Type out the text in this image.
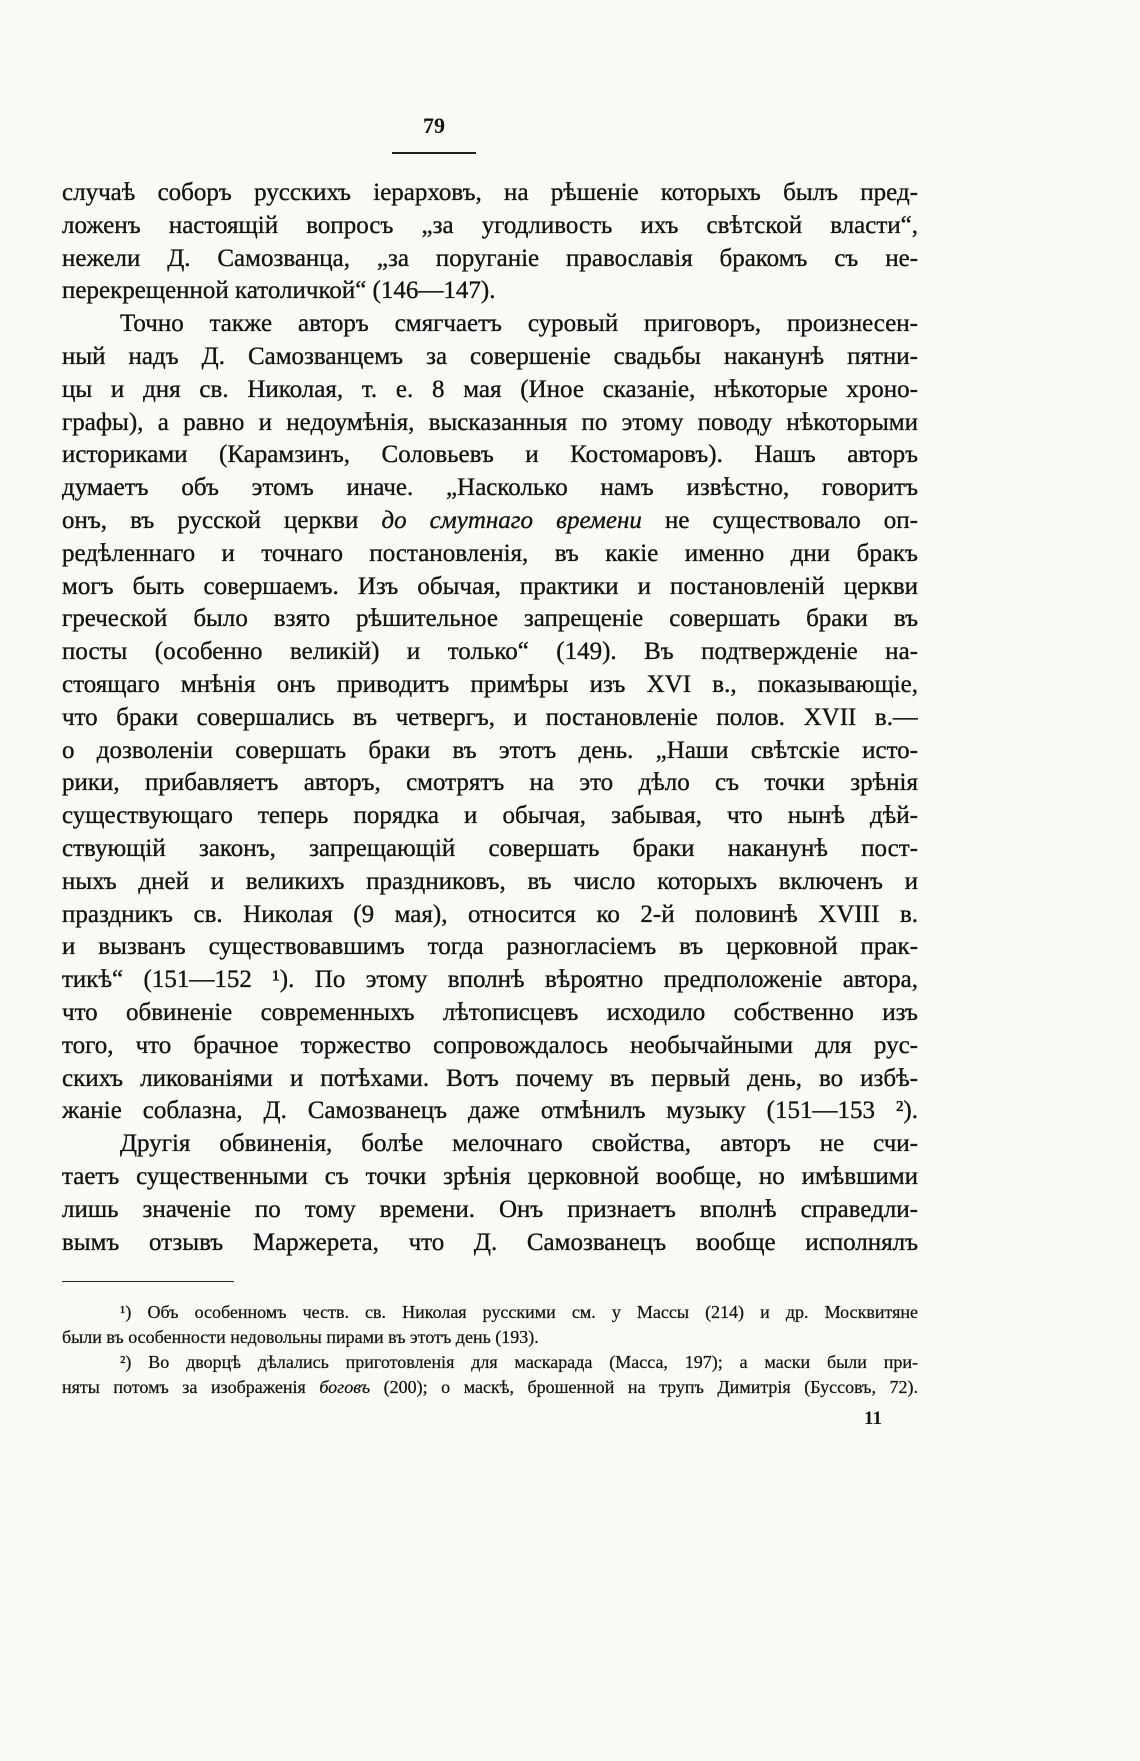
79
случаѣ соборъ русскихъ іерарховъ, на рѣшеніе которыхъ былъ пред-
ложенъ настоящій вопросъ „за угодливость ихъ свѣтской власти“,
нежели Д. Самозванца, „за поруганіе православія бракомъ съ не-
перекрещенной католичкой“ (146—147).
Точно также авторъ смягчаетъ суровый приговоръ, произнесен-
ный надъ Д. Самозванцемъ за совершеніе свадьбы наканунѣ пятни-
цы и дня св. Николая, т. е. 8 мая (Иное сказаніе, нѣкоторые хроно-
графы), а равно и недоумѣнія, высказанныя по этому поводу нѣкоторыми
историками (Карамзинъ, Соловьевъ и Костомаровъ). Нашъ авторъ
думаетъ объ этомъ иначе. „Насколько намъ извѣстно, говоритъ
онъ, въ русской церкви до смутнаго времени не существовало оп-
редѣленнаго и точнаго постановленія, въ какіе именно дни бракъ
могъ быть совершаемъ. Изъ обычая, практики и постановленій церкви
греческой было взято рѣшительное запрещеніе совершать браки въ
посты (особенно великій) и только“ (149). Въ подтвержденіе на-
стоящаго мнѣнія онъ приводитъ примѣры изъ XVI в., показывающіе,
что браки совершались въ четвергъ, и постановленіе полов. XVII в.—
о дозволеніи совершать браки въ этотъ день. „Наши свѣтскіе исто-
рики, прибавляетъ авторъ, смотрятъ на это дѣло съ точки зрѣнія
существующаго теперь порядка и обычая, забывая, что нынѣ дѣй-
ствующій законъ, запрещающій совершать браки наканунѣ пост-
ныхъ дней и великихъ праздниковъ, въ число которыхъ включенъ и
праздникъ св. Николая (9 мая), относится ко 2-й половинѣ XVIII в.
и вызванъ существовавшимъ тогда разногласіемъ въ церковной прак-
тикѣ“ (151—152 ¹). По этому вполнѣ вѣроятно предположеніе автора,
что обвиненіе современныхъ лѣтописцевъ исходило собственно изъ
того, что брачное торжество сопровождалось необычайными для рус-
скихъ ликованіями и потѣхами. Вотъ почему въ первый день, во избѣ-
жаніе соблазна, Д. Самозванецъ даже отмѣнилъ музыку (151—153 ²).
Другія обвиненія, болѣе мелочнаго свойства, авторъ не счи-
таетъ существенными съ точки зрѣнія церковной вообще, но имѣвшими
лишь значеніе по тому времени. Онъ признаетъ вполнѣ справедли-
вымъ отзывъ Маржерета, что Д. Самозванецъ вообще исполнялъ
¹) Объ особенномъ честв. св. Николая русскими см. у Массы (214) и др. Москвитяне
были въ особенности недовольны пирами въ этотъ день (193).
²) Во дворцѣ дѣлались приготовленія для маскарада (Масса, 197); а маски были при-
няты потомъ за изображенія боговъ (200); о маскѣ, брошенной на трупъ Димитрія (Буссовъ, 72).
11
